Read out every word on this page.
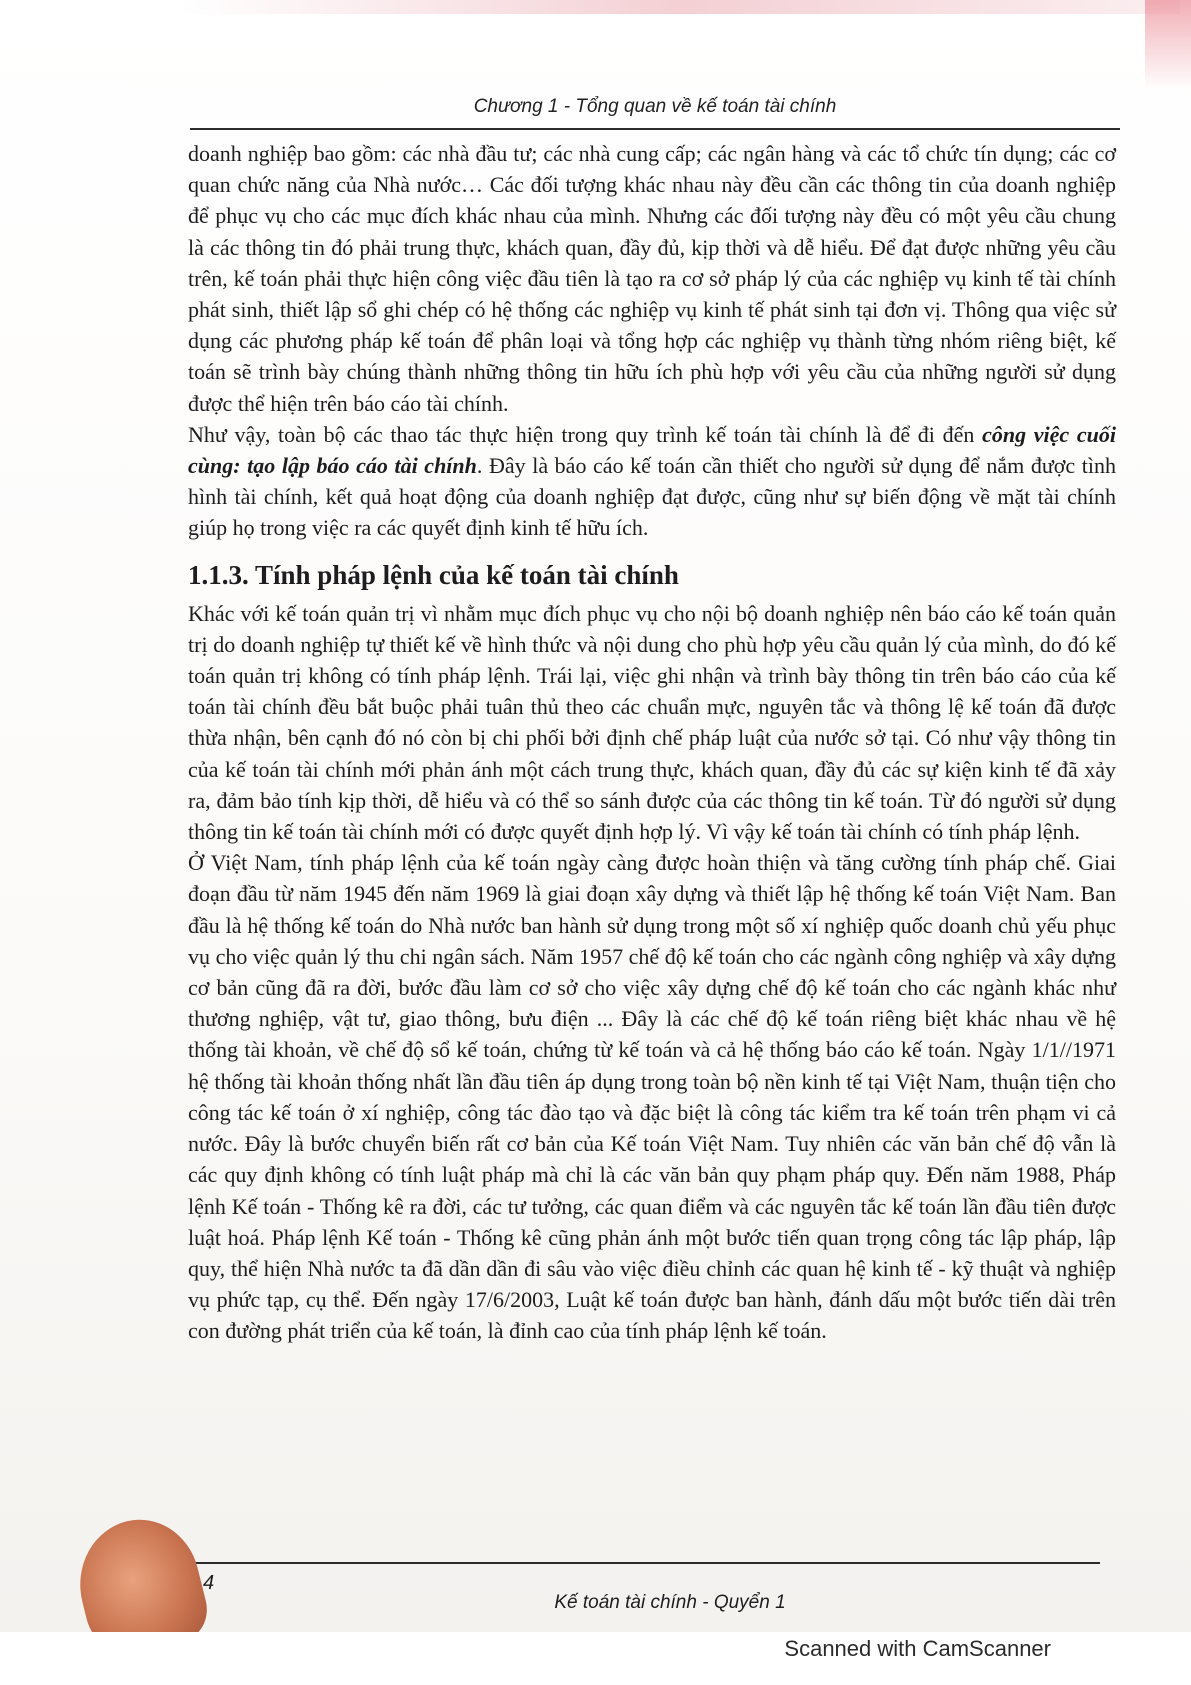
Chương 1 - Tổng quan về kế toán tài chính

doanh nghiệp bao gồm: các nhà đầu tư; các nhà cung cấp; các ngân hàng và các tổ chức tín dụng; các cơ quan chức năng của Nhà nước… Các đối tượng khác nhau này đều cần các thông tin của doanh nghiệp để phục vụ cho các mục đích khác nhau của mình. Nhưng các đối tượng này đều có một yêu cầu chung là các thông tin đó phải trung thực, khách quan, đầy đủ, kịp thời và dễ hiểu. Để đạt được những yêu cầu trên, kế toán phải thực hiện công việc đầu tiên là tạo ra cơ sở pháp lý của các nghiệp vụ kinh tế tài chính phát sinh, thiết lập sổ ghi chép có hệ thống các nghiệp vụ kinh tế phát sinh tại đơn vị. Thông qua việc sử dụng các phương pháp kế toán để phân loại và tổng hợp các nghiệp vụ thành từng nhóm riêng biệt, kế toán sẽ trình bày chúng thành những thông tin hữu ích phù hợp với yêu cầu của những người sử dụng được thể hiện trên báo cáo tài chính.

Như vậy, toàn bộ các thao tác thực hiện trong quy trình kế toán tài chính là để đi đến công việc cuối cùng: tạo lập báo cáo tài chính. Đây là báo cáo kế toán cần thiết cho người sử dụng để nắm được tình hình tài chính, kết quả hoạt động của doanh nghiệp đạt được, cũng như sự biến động về mặt tài chính giúp họ trong việc ra các quyết định kinh tế hữu ích.

1.1.3. Tính pháp lệnh của kế toán tài chính

Khác với kế toán quản trị vì nhằm mục đích phục vụ cho nội bộ doanh nghiệp nên báo cáo kế toán quản trị do doanh nghiệp tự thiết kế về hình thức và nội dung cho phù hợp yêu cầu quản lý của mình, do đó kế toán quản trị không có tính pháp lệnh. Trái lại, việc ghi nhận và trình bày thông tin trên báo cáo của kế toán tài chính đều bắt buộc phải tuân thủ theo các chuẩn mực, nguyên tắc và thông lệ kế toán đã được thừa nhận, bên cạnh đó nó còn bị chi phối bởi định chế pháp luật của nước sở tại. Có như vậy thông tin của kế toán tài chính mới phản ánh một cách trung thực, khách quan, đầy đủ các sự kiện kinh tế đã xảy ra, đảm bảo tính kịp thời, dễ hiểu và có thể so sánh được của các thông tin kế toán. Từ đó người sử dụng thông tin kế toán tài chính mới có được quyết định hợp lý. Vì vậy kế toán tài chính có tính pháp lệnh.

Ở Việt Nam, tính pháp lệnh của kế toán ngày càng được hoàn thiện và tăng cường tính pháp chế. Giai đoạn đầu từ năm 1945 đến năm 1969 là giai đoạn xây dựng và thiết lập hệ thống kế toán Việt Nam. Ban đầu là hệ thống kế toán do Nhà nước ban hành sử dụng trong một số xí nghiệp quốc doanh chủ yếu phục vụ cho việc quản lý thu chi ngân sách. Năm 1957 chế độ kế toán cho các ngành công nghiệp và xây dựng cơ bản cũng đã ra đời, bước đầu làm cơ sở cho việc xây dựng chế độ kế toán cho các ngành khác như thương nghiệp, vật tư, giao thông, bưu điện ... Đây là các chế độ kế toán riêng biệt khác nhau về hệ thống tài khoản, về chế độ sổ kế toán, chứng từ kế toán và cả hệ thống báo cáo kế toán. Ngày 1/1//1971 hệ thống tài khoản thống nhất lần đầu tiên áp dụng trong toàn bộ nền kinh tế tại Việt Nam, thuận tiện cho công tác kế toán ở xí nghiệp, công tác đào tạo và đặc biệt là công tác kiểm tra kế toán trên phạm vi cả nước. Đây là bước chuyển biến rất cơ bản của Kế toán Việt Nam. Tuy nhiên các văn bản chế độ vẫn là các quy định không có tính luật pháp mà chỉ là các văn bản quy phạm pháp quy. Đến năm 1988, Pháp lệnh Kế toán - Thống kê ra đời, các tư tưởng, các quan điểm và các nguyên tắc kế toán lần đầu tiên được luật hoá. Pháp lệnh Kế toán - Thống kê cũng phản ánh một bước tiến quan trọng công tác lập pháp, lập quy, thể hiện Nhà nước ta đã dần dần đi sâu vào việc điều chỉnh các quan hệ kinh tế - kỹ thuật và nghiệp vụ phức tạp, cụ thể. Đến ngày 17/6/2003, Luật kế toán được ban hành, đánh dấu một bước tiến dài trên con đường phát triển của kế toán, là đỉnh cao của tính pháp lệnh kế toán.

4
Kế toán tài chính - Quyển 1
Scanned with CamScanner
